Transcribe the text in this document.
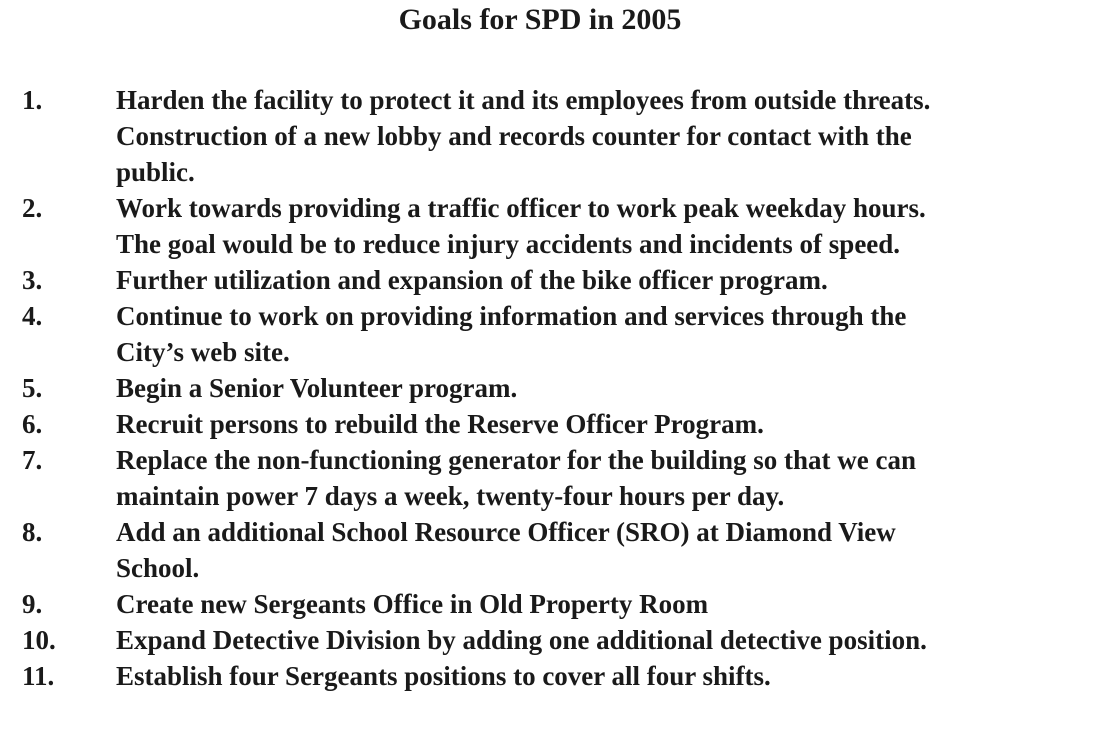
Goals for SPD in 2005
1.	Harden the facility to protect it and its employees from outside threats.
Construction of a new lobby and records counter for contact with the
public.
2.	Work towards providing a traffic officer to work peak weekday hours.
The goal would be to reduce injury accidents and incidents of speed.
3.	Further utilization and expansion of the bike officer program.
4.	Continue to work on providing information and services through the
City’s web site.
5.	Begin a Senior Volunteer program.
6.	Recruit persons to rebuild the Reserve Officer Program.
7.	Replace the non-functioning generator for the building so that we can
maintain power 7 days a week, twenty-four hours per day.
8.	Add an additional School Resource Officer (SRO) at Diamond View
School.
9.	Create new Sergeants Office in Old Property Room
10.	Expand Detective Division by adding one additional detective position.
11.	Establish four Sergeants positions to cover all four shifts.
